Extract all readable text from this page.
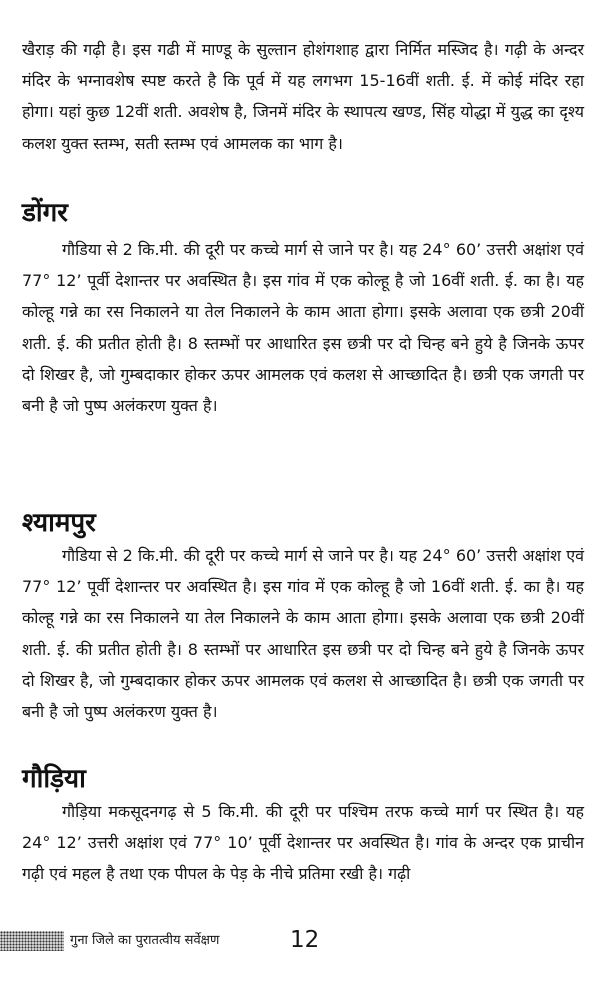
खैराड़ की गढ़ी है। इस गढी में माण्डू के सुल्तान होशंगशाह द्वारा निर्मित मस्जिद है। गढ़ी के अन्दर मंदिर के भग्नावशेष स्पष्ट करते है कि पूर्व में यह लगभग 15-16वीं शती. ई. में कोई मंदिर रहा होगा। यहां कुछ 12वीं शती. अवशेष है, जिनमें मंदिर के स्थापत्य खण्ड, सिंह योद्धा में युद्ध का दृश्य कलश युक्त स्तम्भ, सती स्तम्भ एवं आमलक का भाग है।

डोंगर

गौडिया से 2 कि.मी. की दूरी पर कच्चे मार्ग से जाने पर है। यह 24° 60’ उत्तरी अक्षांश एवं 77° 12’ पूर्वी देशान्तर पर अवस्थित है। इस गांव में एक कोल्हू है जो 16वीं शती. ई. का है। यह कोल्हू गन्ने का रस निकालने या तेल निकालने के काम आता होगा। इसके अलावा एक छत्री 20वीं शती. ई. की प्रतीत होती है। 8 स्तम्भों पर आधारित इस छत्री पर दो चिन्ह बने हुये है जिनके ऊपर दो शिखर है, जो गुम्बदाकार होकर ऊपर आमलक एवं कलश से आच्छादित है। छत्री एक जगती पर बनी है जो पुष्प अलंकरण युक्त है।

श्यामपुर

गौडिया से 2 कि.मी. की दूरी पर कच्चे मार्ग से जाने पर है। यह 24° 60’ उत्तरी अक्षांश एवं 77° 12’ पूर्वी देशान्तर पर अवस्थित है। इस गांव में एक कोल्हू है जो 16वीं शती. ई. का है। यह कोल्हू गन्ने का रस निकालने या तेल निकालने के काम आता होगा। इसके अलावा एक छत्री 20वीं शती. ई. की प्रतीत होती है। 8 स्तम्भों पर आधारित इस छत्री पर दो चिन्ह बने हुये है जिनके ऊपर दो शिखर है, जो गुम्बदाकार होकर ऊपर आमलक एवं कलश से आच्छादित है। छत्री एक जगती पर बनी है जो पुष्प अलंकरण युक्त है।

गौड़िया

गौड़िया मकसूदनगढ़ से 5 कि.मी. की दूरी पर पश्चिम तरफ कच्चे मार्ग पर स्थित है। यह 24° 12’ उत्तरी अक्षांश एवं 77° 10’ पूर्वी देशान्तर पर अवस्थित है। गांव के अन्दर एक प्राचीन गढ़ी एवं महल है तथा एक पीपल के पेड़ के नीचे प्रतिमा रखी है। गढ़ी

गुना जिले का पुरातत्वीय सर्वेक्षण	12
